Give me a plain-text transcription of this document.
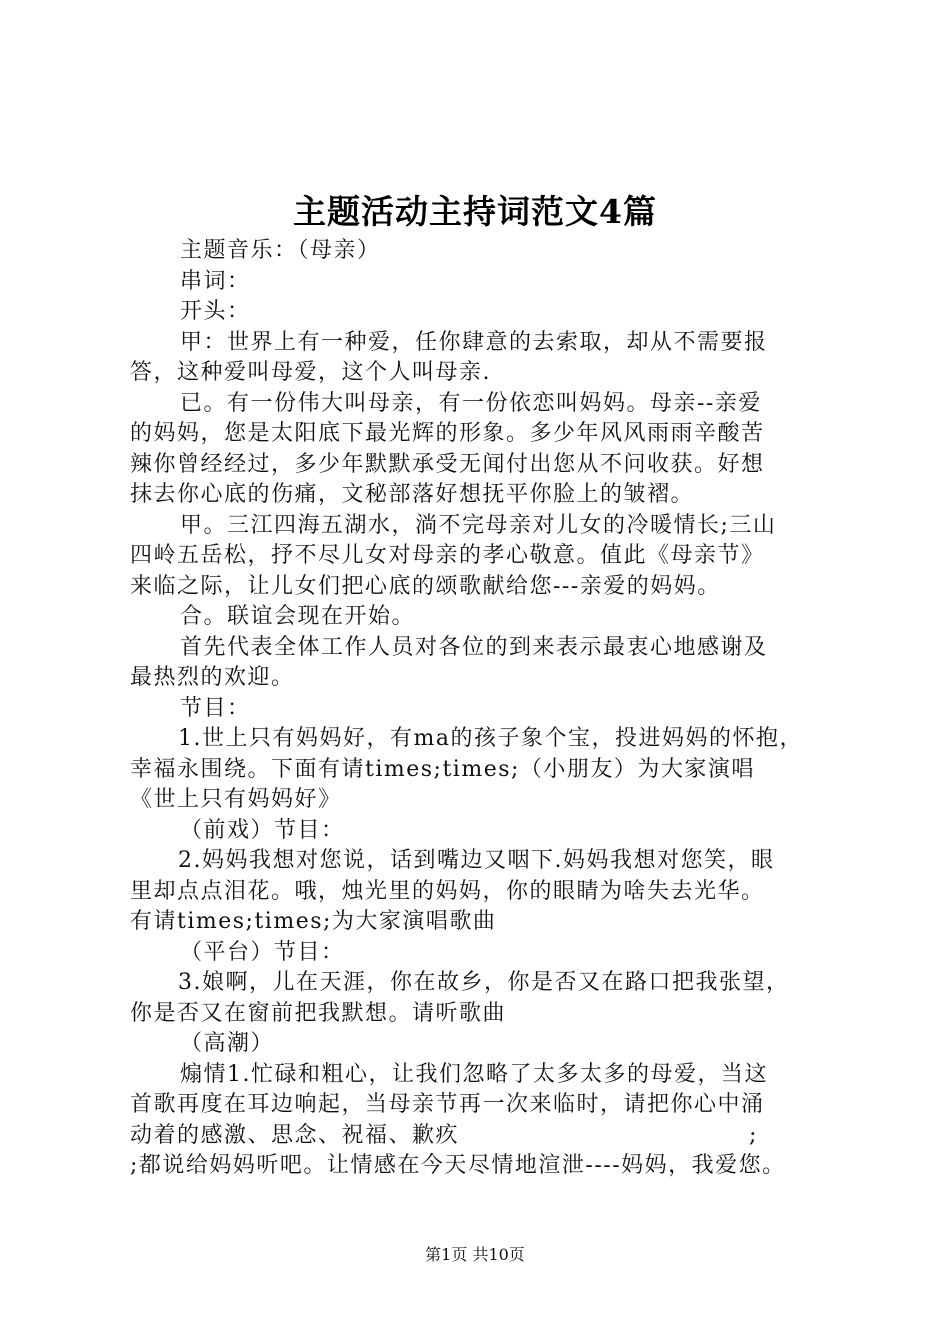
主题活动主持词范文4篇
主题音乐：（母亲）
串词：
开头：
甲：世界上有一种爱，任你肆意的去索取，却从不需要报
答，这种爱叫母爱，这个人叫母亲.
已。有一份伟大叫母亲，有一份依恋叫妈妈。母亲--亲爱
的妈妈，您是太阳底下最光辉的形象。多少年风风雨雨辛酸苦
辣你曾经经过，多少年默默承受无闻付出您从不问收获。好想
抹去你心底的伤痛，文秘部落好想抚平你脸上的皱褶。
甲。三江四海五湖水，淌不完母亲对儿女的冷暖情长;三山
四岭五岳松，抒不尽儿女对母亲的孝心敬意。值此《母亲节》
来临之际，让儿女们把心底的颂歌献给您---亲爱的妈妈。
合。联谊会现在开始。
首先代表全体工作人员对各位的到来表示最衷心地感谢及
最热烈的欢迎。
节目：
1.世上只有妈妈好，有ma的孩子象个宝，投进妈妈的怀抱，
幸福永围绕。下面有请times;times;（小朋友）为大家演唱
《世上只有妈妈好》
（前戏）节目：
2.妈妈我想对您说，话到嘴边又咽下.妈妈我想对您笑，眼
里却点点泪花。哦，烛光里的妈妈，你的眼睛为啥失去光华。
有请times;times;为大家演唱歌曲
（平台）节目：
3.娘啊，儿在天涯，你在故乡，你是否又在路口把我张望，
你是否又在窗前把我默想。请听歌曲
（高潮）
煽情1.忙碌和粗心，让我们忽略了太多太多的母爱，当这
首歌再度在耳边响起，当母亲节再一次来临时，请把你心中涌
动着的感激、思念、祝福、歉疚	;
;都说给妈妈听吧。让情感在今天尽情地渲泄----妈妈，我爱您。
第1页 共10页
